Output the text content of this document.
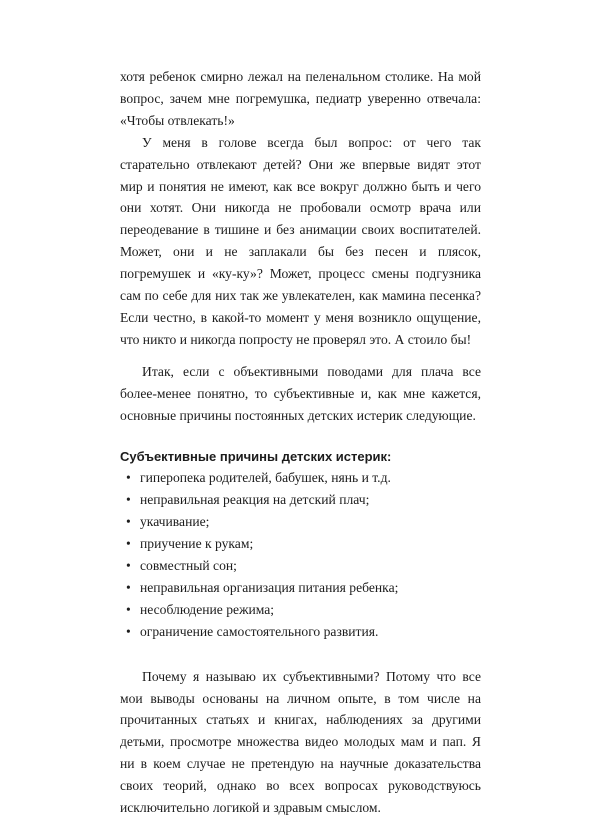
хотя ребенок смирно лежал на пеленальном столике. На мой вопрос, зачем мне погремушка, педиатр уверенно отвечала: «Чтобы отвлекать!»

У меня в голове всегда был вопрос: от чего так старательно отвлекают детей? Они же впервые видят этот мир и понятия не имеют, как все вокруг должно быть и чего они хотят. Они никогда не пробовали осмотр врача или переодевание в тишине и без анимации своих воспитателей. Может, они и не заплакали бы без песен и плясок, погремушек и «ку-ку»? Может, процесс смены подгузника сам по себе для них так же увлекателен, как мамина песенка? Если честно, в какой-то момент у меня возникло ощущение, что никто и никогда попросту не проверял это. А стоило бы!

Итак, если с объективными поводами для плача все более-менее понятно, то субъективные и, как мне кажется, основные причины постоянных детских истерик следующие.

Субъективные причины детских истерик:
• гиперопека родителей, бабушек, нянь и т.д.
• неправильная реакция на детский плач;
• укачивание;
• приучение к рукам;
• совместный сон;
• неправильная организация питания ребенка;
• несоблюдение режима;
• ограничение самостоятельного развития.

Почему я называю их субъективными? Потому что все мои выводы основаны на личном опыте, в том числе на прочитанных статьях и книгах, наблюдениях за другими детьми, просмотре множества видео молодых мам и пап. Я ни в коем случае не претендую на научные доказательства своих теорий, однако во всех вопросах руководствуюсь исключительно логикой и здравым смыслом.
